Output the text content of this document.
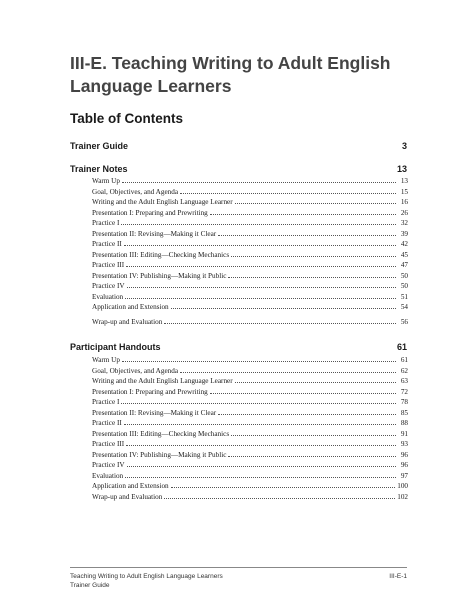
III-E. Teaching Writing to Adult English Language Learners
Table of Contents
Trainer Guide	3
Trainer Notes	13
Warm Up	13
Goal, Objectives, and Agenda	15
Writing and the Adult English Language Learner	16
Presentation I: Preparing and Prewriting	26
Practice I	32
Presentation II: Revising—Making it Clear	39
Practice II	42
Presentation III: Editing—Checking Mechanics	45
Practice III	47
Presentation IV: Publishing—Making it Public	50
Practice IV	50
Evaluation	51
Application and Extension	54
Wrap-up and Evaluation	56
Participant Handouts	61
Warm Up	61
Goal, Objectives, and Agenda	62
Writing and the Adult English Language Learner	63
Presentation I: Preparing and Prewriting	72
Practice I	78
Presentation II: Revising—Making it Clear	85
Practice II	88
Presentation III: Editing—Checking Mechanics	91
Practice III	93
Presentation IV: Publishing—Making it Public	96
Practice IV	96
Evaluation	97
Application and Extension	100
Wrap-up and Evaluation	102
Teaching Writing to Adult English Language Learners
Trainer Guide
III-E-1
